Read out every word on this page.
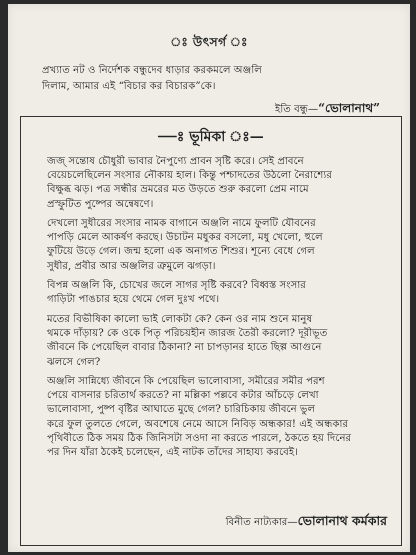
ঃ উৎসর্গ ঃ
প্রখ্যাত নট ও নির্দেশক বন্ধুদেব ধাড়ার করকমলে অঞ্জলি
দিলাম, আমার এই “বিচার কর বিচারক”কে।
ইতি বন্ধু—“ভোলানাথ”
—ঃ ভূমিকা ঃ—
জজ্ সন্তোষ চৌধুরী ভাবার নৈপুণ্যে প্রাবন সৃষ্টি করে। সেই প্রাবনে
বেয়েচলেছিলেন সংসার নৌকায় হাল। কিন্তু পশ্চাদতের উঠলো নৈরাশ্যের
বিক্ষুব্ধ ঝড়। পত্র সন্ধীর ভ্রমরের মত উড়তে শুরু করলো প্রেম নামে
প্রস্ফুটিত পুষ্পের অন্বেষণে।
দেখলো সুধীরের সংসার নামক বাগানে অঞ্জলি নামে ফুলটি যৌবনের
পাপড়ি মেলে আকর্ষণ করছে। উচাটন মধুকর বসলো, মধু খেলো, হুলে
ফুটিয়ে উড়ে গেল। জন্ম হলো এক অনাগত শিশুর। শূন্যে বেধে গেল
সুধীর, প্রবীর আর অঞ্জলির ত্রুমুলে ঝগড়া।
বিপন্ন অঞ্জলি কি, চোখের জলে সাগর সৃষ্টি করবে? বিধ্বস্ত সংসার
গাড়িটা পাঙচার হয়ে থেমে গেল দুঃখ পথে।
মতের বিভীষিকা কালো ভাই লোকটা কে? কেন ওর নাম শুনে মানুষ
থমকে দাঁড়ায়? কে ওকে পিতৃ পরিচয়হীন জারজ তৈরী করলো? দূরীভূত
জীবনে কি পেয়েছিল বাবার ঠিকানা? না চাপড়ানর হাতে ছিল্প আগুনে
ঝলসে গেল?
অঞ্জলি সান্নিধ্যে জীবনে কি পেয়েছিল ভালোবাসা, সমীরের সমীর পরশ
পেয়ে বাসনার চরিতার্থ করতে? না মল্লিকা পল্লবে কটার আঁচড়ে লেখা
ভালোবাসা, পুষ্প বৃষ্টির আঘাতে মুছে গেল? চারিচিকায় জীবনে ভুল
করে ফুল তুলতে গেলে, অবশেষে নেমে আসে নিবিড় অন্ধকার! এই অন্ধকার
পৃথিবীতে ঠিক সময় ঠিক জিনিসটা সওদা না করতে পারলে, ঠকতে হয় দিনের
পর দিন যাঁরা ঠকেই চলেছেন, এই নাটক তাঁদের সাহায্য করবেই।
বিনীত নাট্যকার—ভোলানাথ কর্মকার
